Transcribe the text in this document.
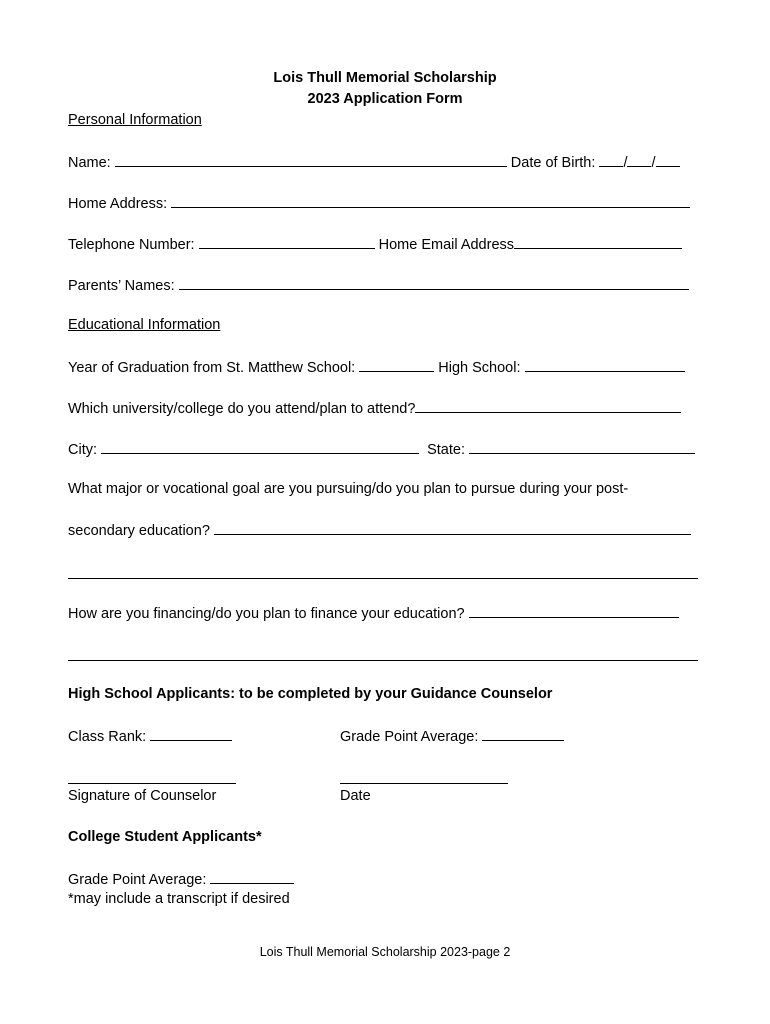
Lois Thull Memorial Scholarship
2023 Application Form
Personal Information
Name:	Date of Birth: / /
Home Address:
Telephone Number:	Home Email Address
Parents’ Names:
Educational Information
Year of Graduation from St. Matthew School:	High School:
Which university/college do you attend/plan to attend?
City:	State:
What major or vocational goal are you pursuing/do you plan to pursue during your post-
secondary education?
How are you financing/do you plan to finance your education?
High School Applicants: to be completed by your Guidance Counselor
Class Rank:	Grade Point Average:
Signature of Counselor	Date
College Student Applicants*
Grade Point Average:
*may include a transcript if desired
Lois Thull Memorial Scholarship 2023-page 2
